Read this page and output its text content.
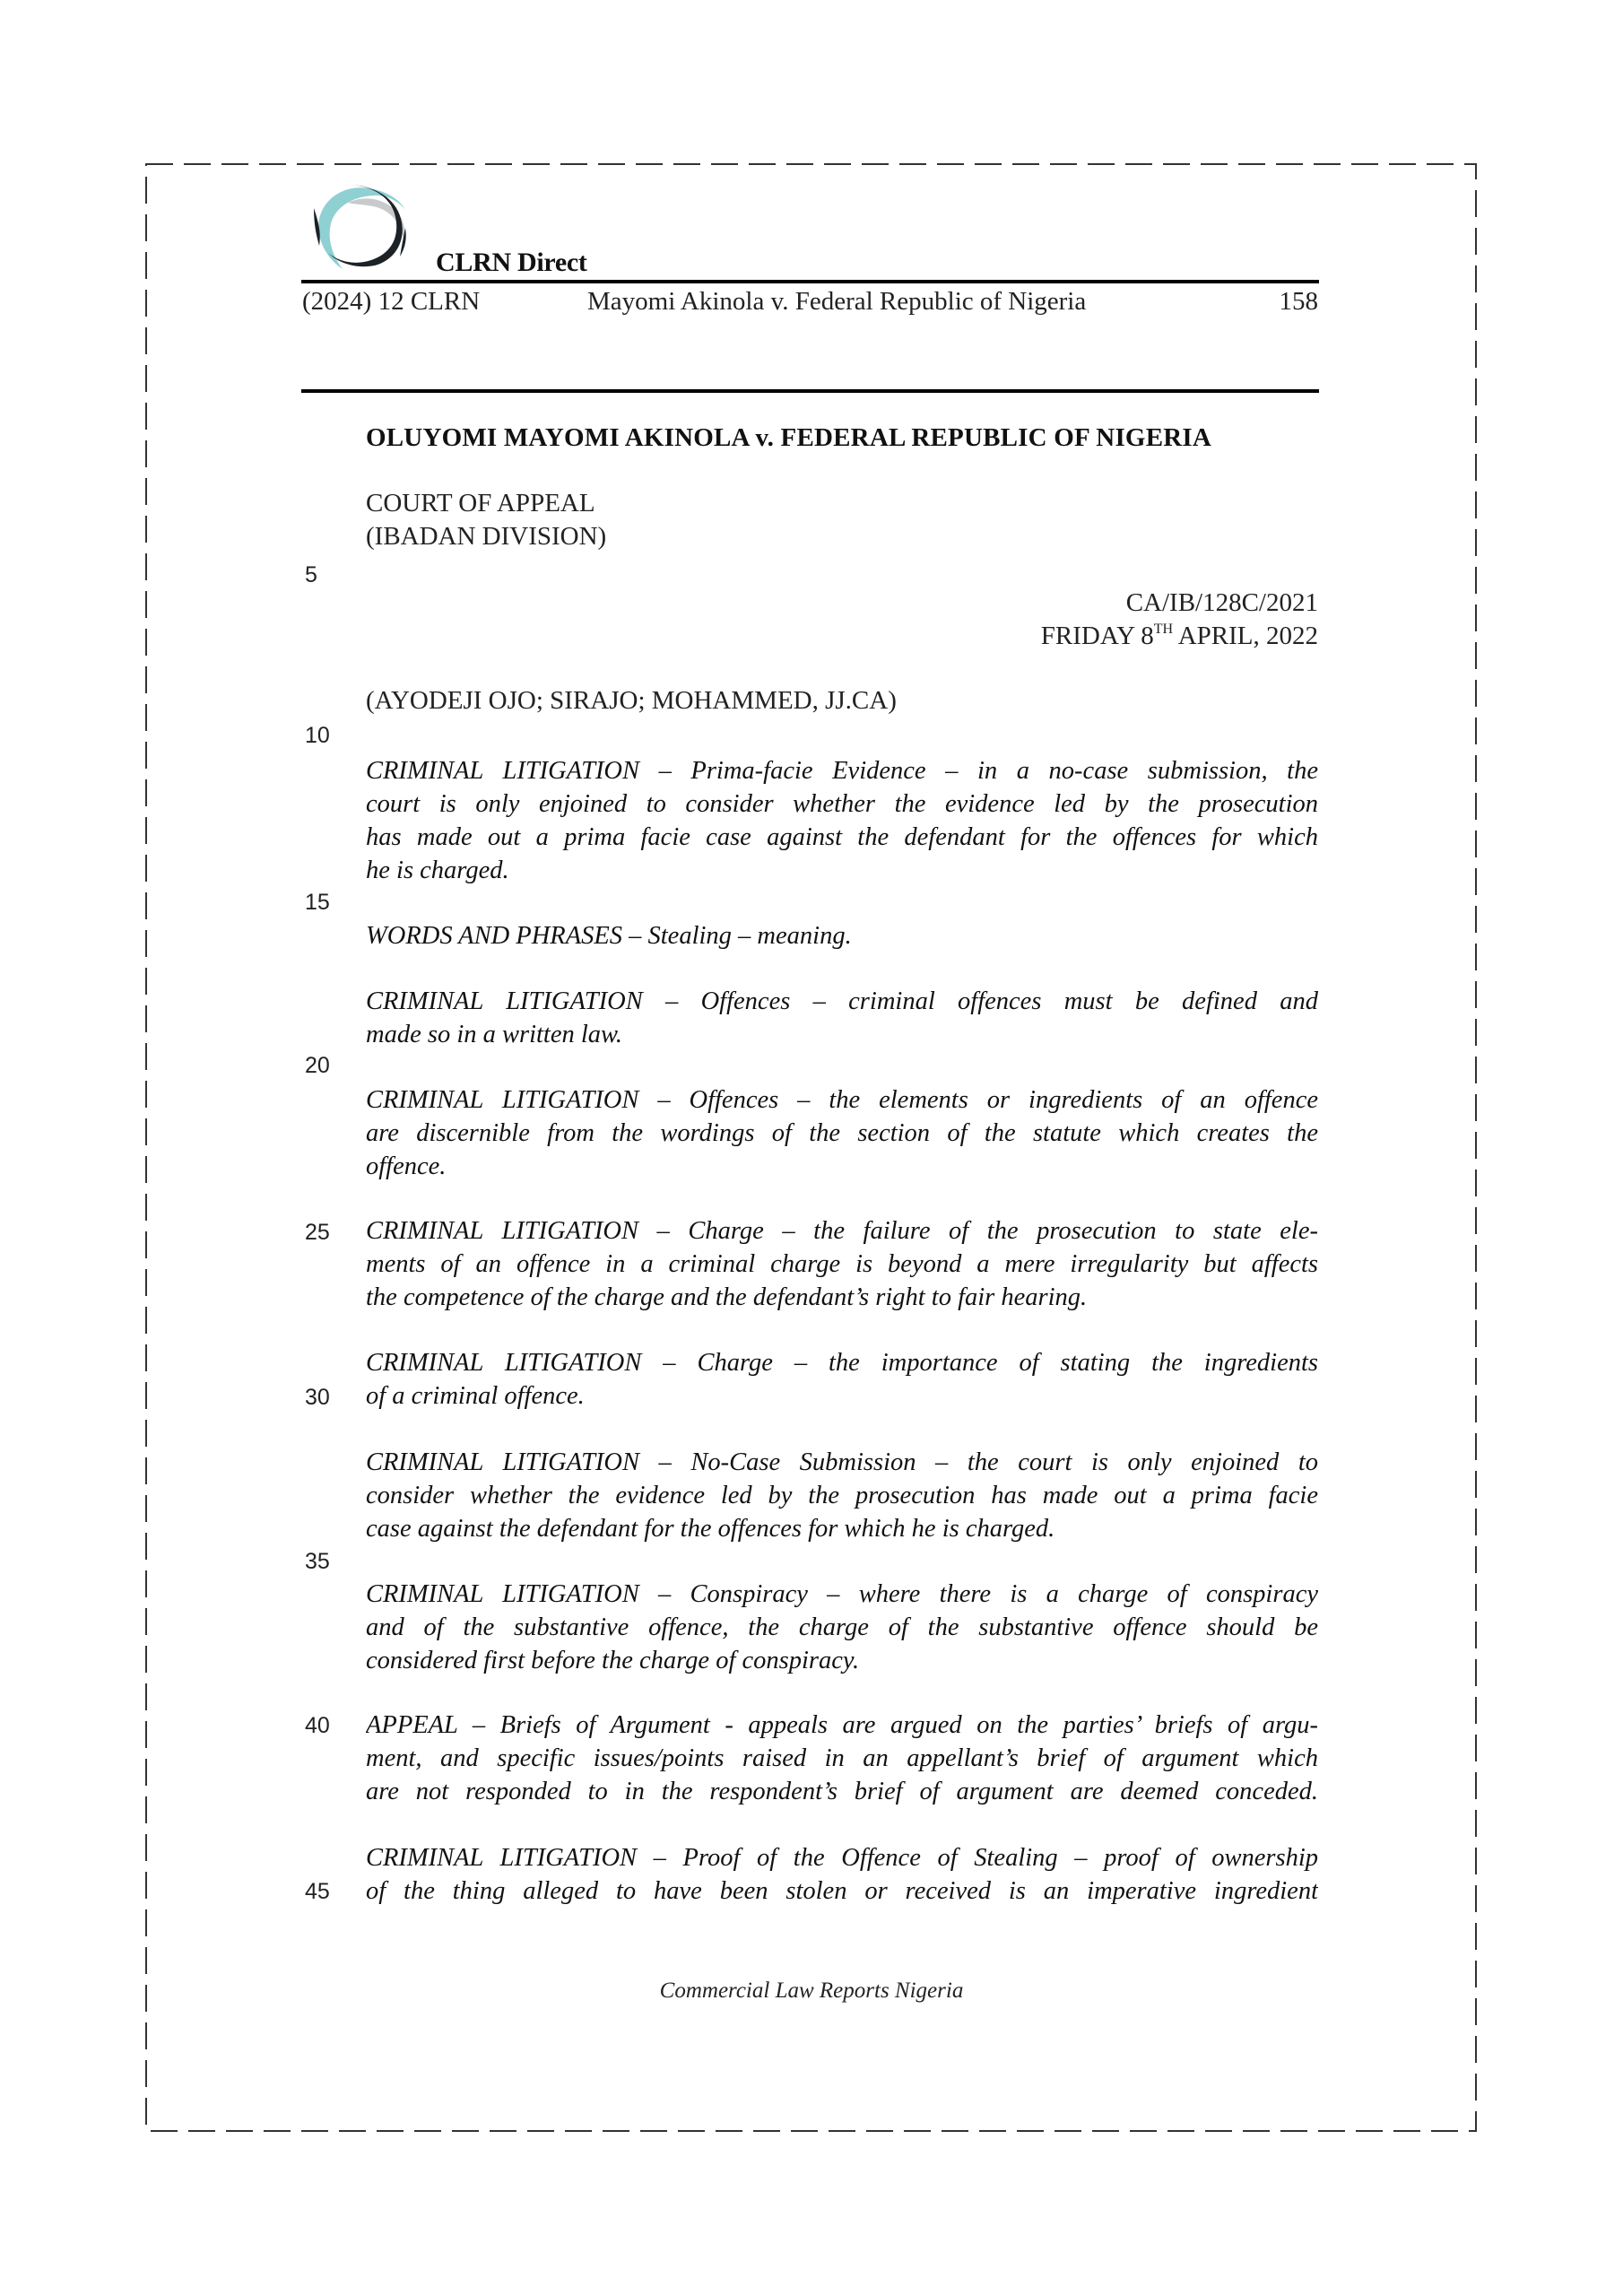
CLRN Direct
(2024) 12 CLRN	Mayomi Akinola v. Federal Republic of Nigeria	158
OLUYOMI MAYOMI AKINOLA v. FEDERAL REPUBLIC OF NIGERIA
COURT OF APPEAL
(IBADAN DIVISION)
CA/IB/128C/2021
FRIDAY 8TH APRIL, 2022
(AYODEJI OJO; SIRAJO; MOHAMMED, JJ.CA)
5
10
15
20
25
30
35
40
45
CRIMINAL LITIGATION – Prima-facie Evidence – in a no-case submission, the
court is only enjoined to consider whether the evidence led by the prosecution
has made out a prima facie case against the defendant for the offences for which
he is charged.
WORDS AND PHRASES – Stealing – meaning.
CRIMINAL LITIGATION – Offences – criminal offences must be defined and
made so in a written law.
CRIMINAL LITIGATION – Offences – the elements or ingredients of an offence
are discernible from the wordings of the section of the statute which creates the
offence.
CRIMINAL LITIGATION – Charge – the failure of the prosecution to state ele-
ments of an offence in a criminal charge is beyond a mere irregularity but affects
the competence of the charge and the defendant’s right to fair hearing.
CRIMINAL LITIGATION – Charge – the importance of stating the ingredients
of a criminal offence.
CRIMINAL LITIGATION – No-Case Submission – the court is only enjoined to
consider whether the evidence led by the prosecution has made out a prima facie
case against the defendant for the offences for which he is charged.
CRIMINAL LITIGATION – Conspiracy – where there is a charge of conspiracy
and of the substantive offence, the charge of the substantive offence should be
considered first before the charge of conspiracy.
APPEAL – Briefs of Argument - appeals are argued on the parties’ briefs of argu-
ment, and specific issues/points raised in an appellant’s brief of argument which
are not responded to in the respondent’s brief of argument are deemed conceded.
CRIMINAL LITIGATION – Proof of the Offence of Stealing – proof of ownership
of the thing alleged to have been stolen or received is an imperative ingredient
Commercial Law Reports Nigeria
